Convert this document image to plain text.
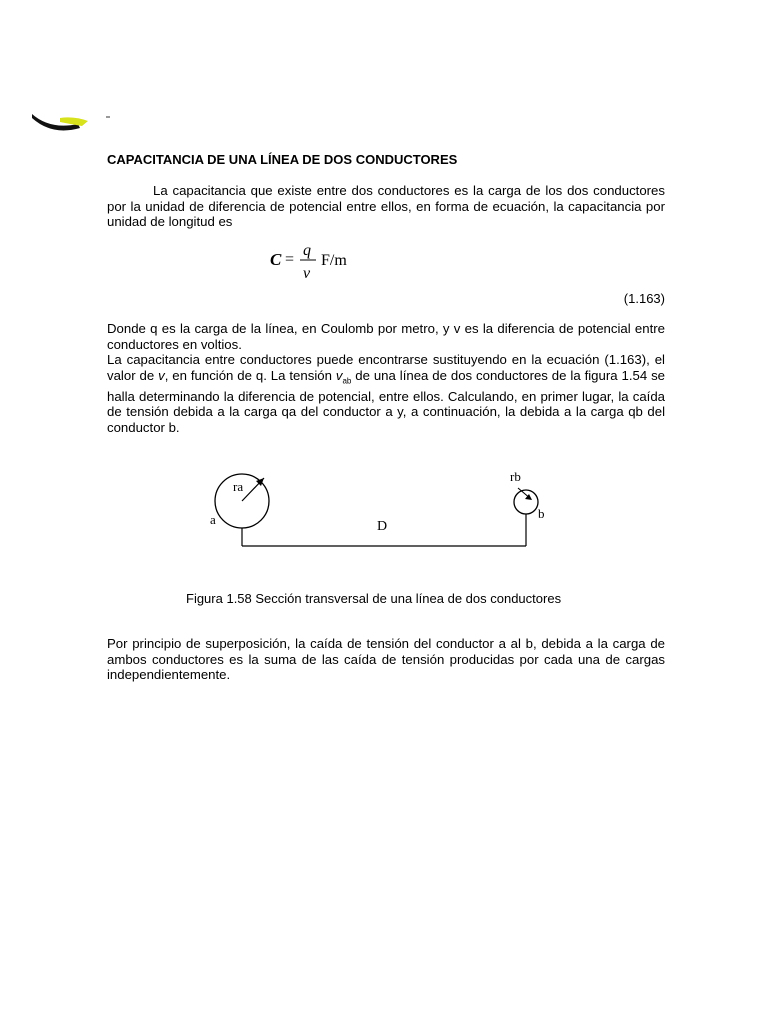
CAPACITANCIA DE UNA LÍNEA DE DOS CONDUCTORES

La capacitancia que existe entre dos conductores es la carga de los dos conductores por la unidad de diferencia de potencial entre ellos, en forma de ecuación, la capacitancia por unidad de longitud es

C =
q
v
F/m

(1.163)

Donde q es la carga de la línea, en Coulomb por metro, y v es la diferencia de potencial entre conductores en voltios.

La capacitancia entre conductores puede encontrarse sustituyendo en la ecuación (1.163), el valor de v, en función de q. La tensión $v_{ab}$ de una línea de dos conductores de la figura 1.54 se halla determinando la diferencia de potencial, entre ellos. Calculando, en primer lugar, la caída de tensión debida a la carga qa del conductor a y, a continuación, la debida a la carga qb del conductor b.

ra
a
rb
b
D

Figura 1.58 Sección transversal de una línea de dos conductores

Por principio de superposición, la caída de tensión del conductor a al b, debida a la carga de ambos conductores es la suma de las caída de tensión producidas por cada una de cargas independientemente.
